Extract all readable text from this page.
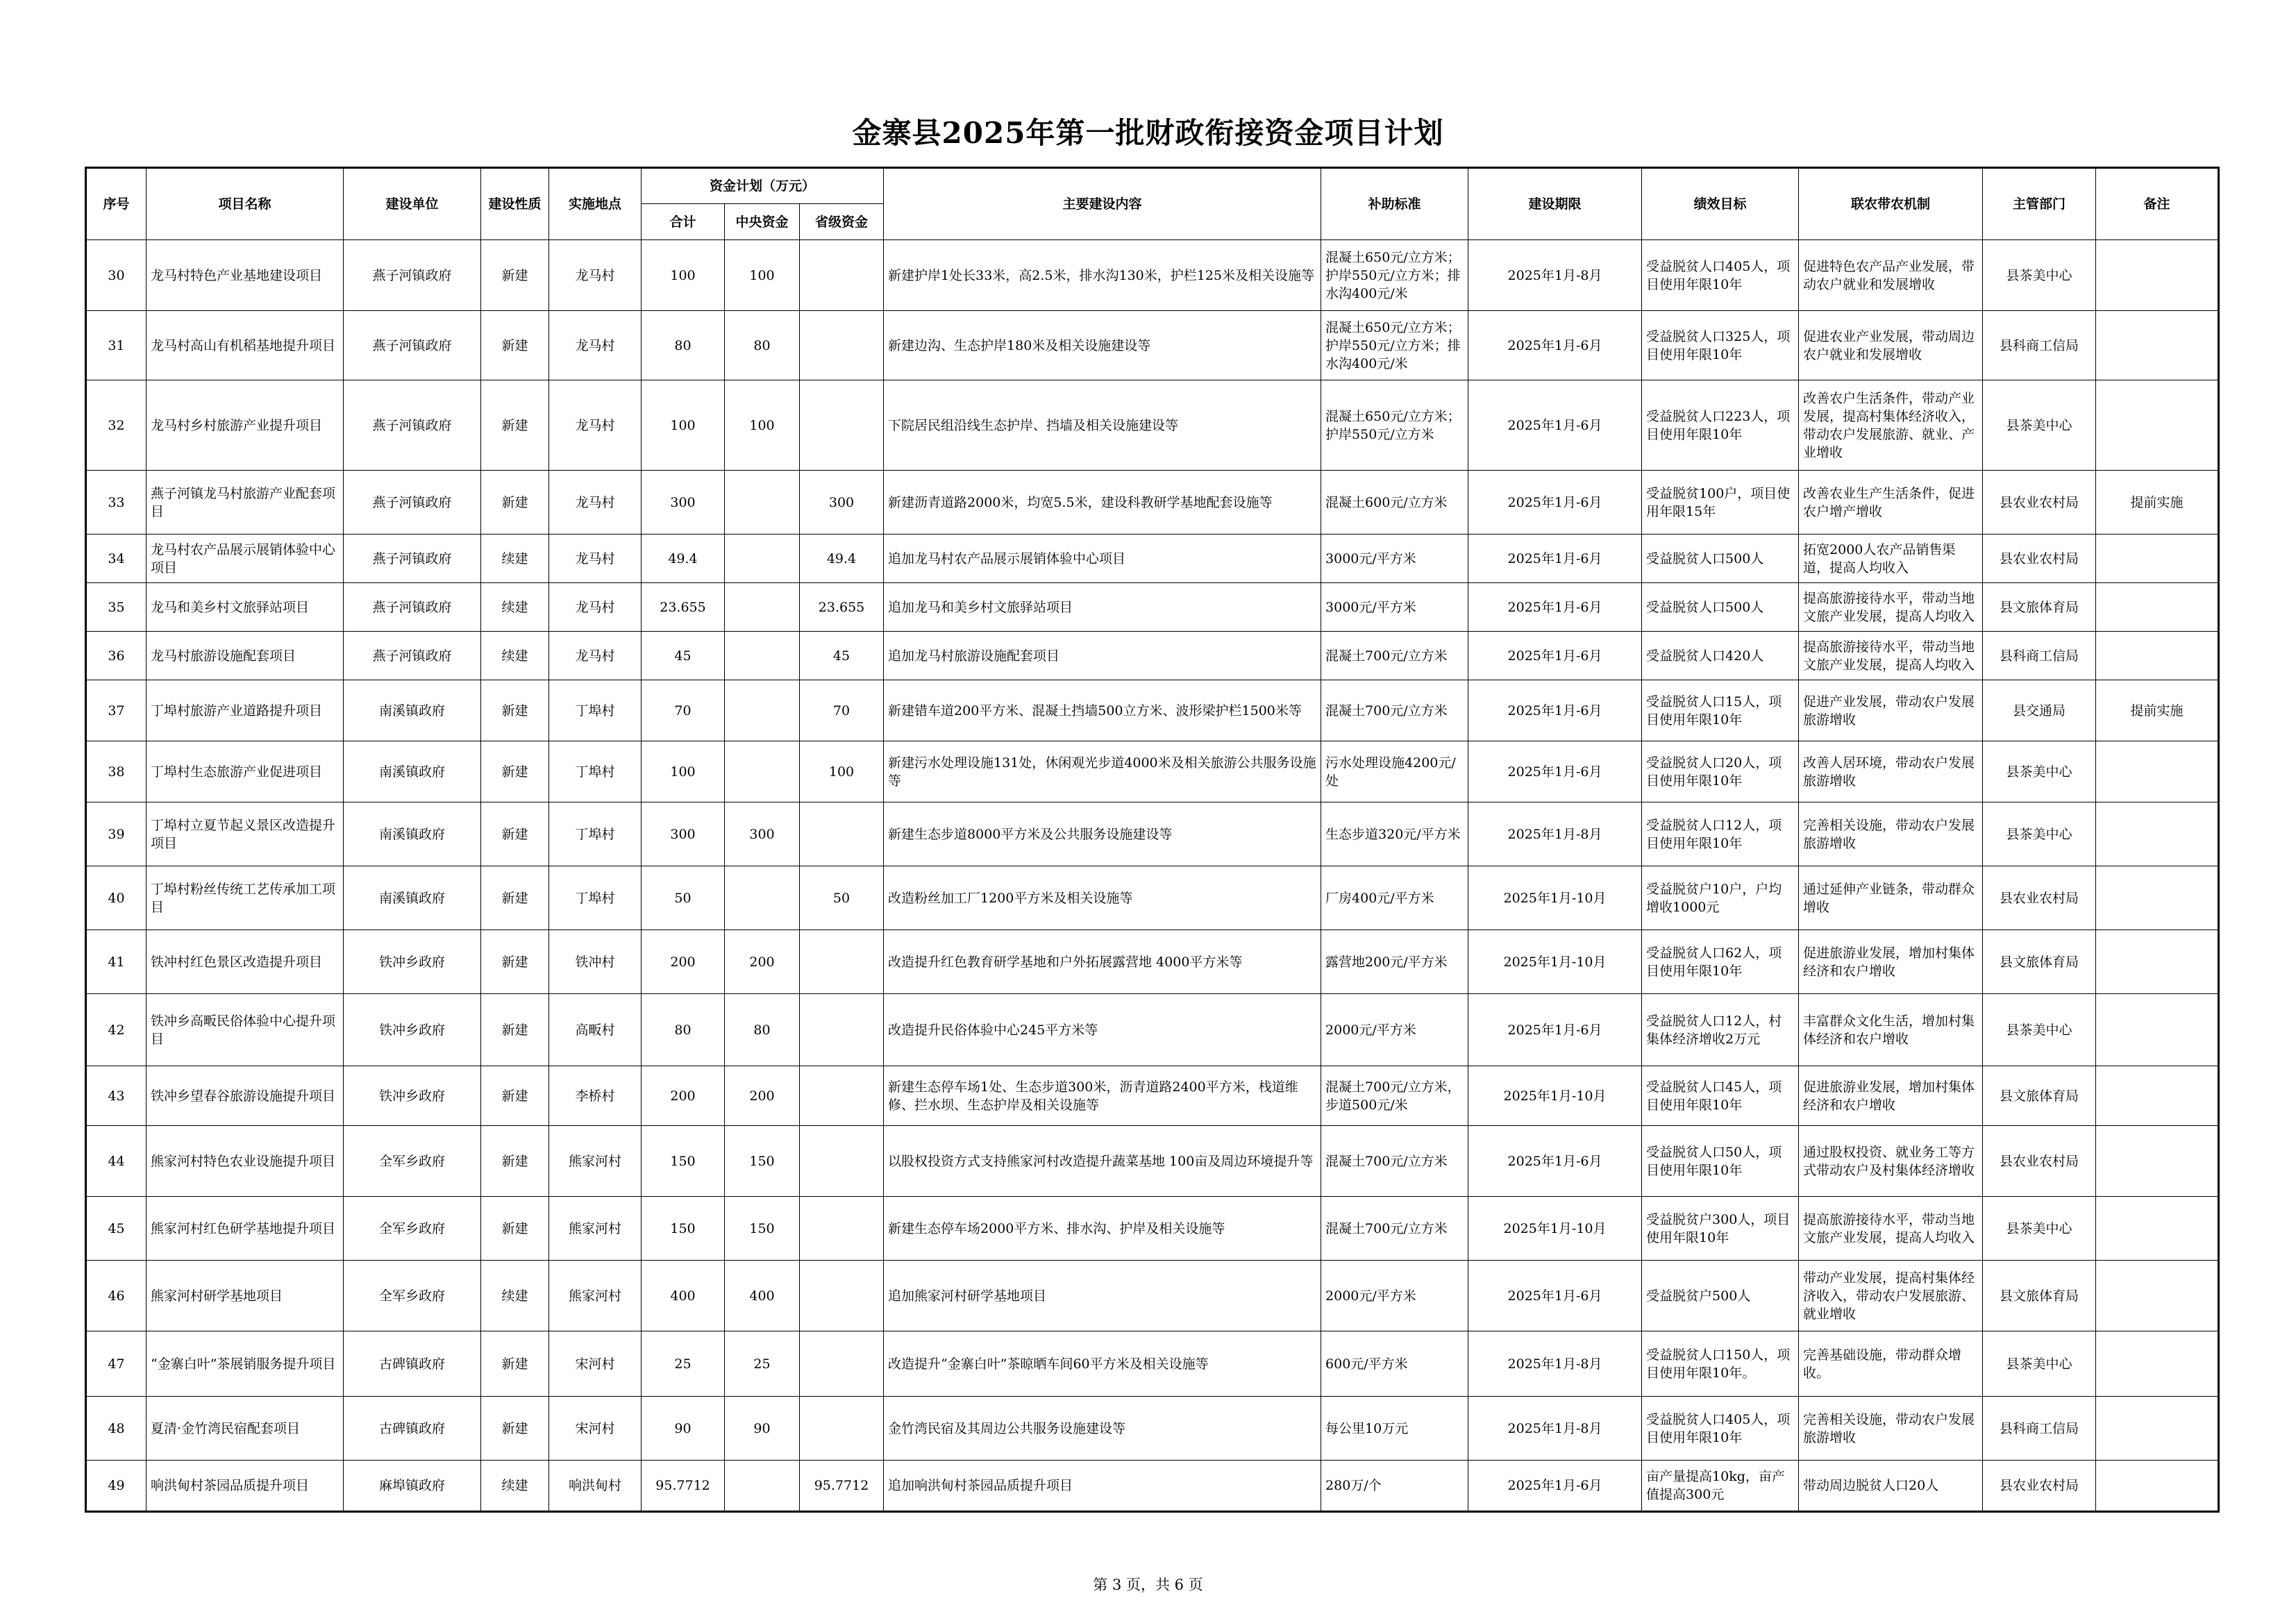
金寨县2025年第一批财政衔接资金项目计划
序号	项目名称	建设单位	建设性质	实施地点	资金计划（万元）			主要建设内容	补助标准	建设期限	绩效目标	联农带农机制	主管部门	备注
					合计	中央资金	省级资金							
30	龙马村特色产业基地建设项目	燕子河镇政府	新建	龙马村	100	100		新建护岸1处长33米，高2.5米，排水沟130米，护栏125米及相关设施等	混凝土650元/立方米；护岸550元/立方米；排水沟400元/米	2025年1月-8月	受益脱贫人口405人，项目使用年限10年	促进特色农产品产业发展，带动农户就业和发展增收	县茶美中心	
31	龙马村高山有机稻基地提升项目	燕子河镇政府	新建	龙马村	80	80		新建边沟、生态护岸180米及相关设施建设等	混凝土650元/立方米；护岸550元/立方米；排水沟400元/米	2025年1月-6月	受益脱贫人口325人，项目使用年限10年	促进农业产业发展，带动周边农户就业和发展增收	县科商工信局	
32	龙马村乡村旅游产业提升项目	燕子河镇政府	新建	龙马村	100	100		下院居民组沿线生态护岸、挡墙及相关设施建设等	混凝土650元/立方米；护岸550元/立方米	2025年1月-6月	受益脱贫人口223人，项目使用年限10年	改善农户生活条件，带动产业发展，提高村集体经济收入，带动农户发展旅游、就业、产业增收	县茶美中心	
33	燕子河镇龙马村旅游产业配套项目	燕子河镇政府	新建	龙马村	300		300	新建沥青道路2000米，均宽5.5米，建设科教研学基地配套设施等	混凝土600元/立方米	2025年1月-6月	受益脱贫100户，项目使用年限15年	改善农业生产生活条件，促进农户增产增收	县农业农村局	提前实施
34	龙马村农产品展示展销体验中心项目	燕子河镇政府	续建	龙马村	49.4		49.4	追加龙马村农产品展示展销体验中心项目	3000元/平方米	2025年1月-6月	受益脱贫人口500人	拓宽2000人农产品销售渠道，提高人均收入	县农业农村局	
35	龙马和美乡村文旅驿站项目	燕子河镇政府	续建	龙马村	23.655		23.655	追加龙马和美乡村文旅驿站项目	3000元/平方米	2025年1月-6月	受益脱贫人口500人	提高旅游接待水平，带动当地文旅产业发展，提高人均收入	县文旅体育局	
36	龙马村旅游设施配套项目	燕子河镇政府	续建	龙马村	45		45	追加龙马村旅游设施配套项目	混凝土700元/立方米	2025年1月-6月	受益脱贫人口420人	提高旅游接待水平，带动当地文旅产业发展，提高人均收入	县科商工信局	
37	丁埠村旅游产业道路提升项目	南溪镇政府	新建	丁埠村	70		70	新建错车道200平方米、混凝土挡墙500立方米、波形梁护栏1500米等	混凝土700元/立方米	2025年1月-6月	受益脱贫人口15人，项目使用年限10年	促进产业发展，带动农户发展旅游增收	县交通局	提前实施
38	丁埠村生态旅游产业促进项目	南溪镇政府	新建	丁埠村	100		100	新建污水处理设施131处，休闲观光步道4000米及相关旅游公共服务设施等	污水处理设施4200元/处	2025年1月-6月	受益脱贫人口20人，项目使用年限10年	改善人居环境，带动农户发展旅游增收	县茶美中心	
39	丁埠村立夏节起义景区改造提升项目	南溪镇政府	新建	丁埠村	300	300		新建生态步道8000平方米及公共服务设施建设等	生态步道320元/平方米	2025年1月-8月	受益脱贫人口12人，项目使用年限10年	完善相关设施，带动农户发展旅游增收	县茶美中心	
40	丁埠村粉丝传统工艺传承加工项目	南溪镇政府	新建	丁埠村	50		50	改造粉丝加工厂1200平方米及相关设施等	厂房400元/平方米	2025年1月-10月	受益脱贫户10户，户均增收1000元	通过延伸产业链条，带动群众增收	县农业农村局	
41	铁冲村红色景区改造提升项目	铁冲乡政府	新建	铁冲村	200	200		改造提升红色教育研学基地和户外拓展露营地 4000平方米等	露营地200元/平方米	2025年1月-10月	受益脱贫人口62人，项目使用年限10年	促进旅游业发展，增加村集体经济和农户增收	县文旅体育局	
42	铁冲乡高畈民俗体验中心提升项目	铁冲乡政府	新建	高畈村	80	80		改造提升民俗体验中心245平方米等	2000元/平方米	2025年1月-6月	受益脱贫人口12人，村集体经济增收2万元	丰富群众文化生活，增加村集体经济和农户增收	县茶美中心	
43	铁冲乡望春谷旅游设施提升项目	铁冲乡政府	新建	李桥村	200	200		新建生态停车场1处、生态步道300米，沥青道路2400平方米，栈道维修、拦水坝、生态护岸及相关设施等	混凝土700元/立方米，步道500元/米	2025年1月-10月	受益脱贫人口45人，项目使用年限10年	促进旅游业发展，增加村集体经济和农户增收	县文旅体育局	
44	熊家河村特色农业设施提升项目	全军乡政府	新建	熊家河村	150	150		以股权投资方式支持熊家河村改造提升蔬菜基地 100亩及周边环境提升等	混凝土700元/立方米	2025年1月-6月	受益脱贫人口50人，项目使用年限10年	通过股权投资、就业务工等方式带动农户及村集体经济增收	县农业农村局	
45	熊家河村红色研学基地提升项目	全军乡政府	新建	熊家河村	150	150		新建生态停车场2000平方米、排水沟、护岸及相关设施等	混凝土700元/立方米	2025年1月-10月	受益脱贫户300人，项目使用年限10年	提高旅游接待水平，带动当地文旅产业发展，提高人均收入	县茶美中心	
46	熊家河村研学基地项目	全军乡政府	续建	熊家河村	400	400		追加熊家河村研学基地项目	2000元/平方米	2025年1月-6月	受益脱贫户500人	带动产业发展，提高村集体经济收入，带动农户发展旅游、就业增收	县文旅体育局	
47	“金寨白叶”茶展销服务提升项目	古碑镇政府	新建	宋河村	25	25		改造提升“金寨白叶”茶晾晒车间60平方米及相关设施等	600元/平方米	2025年1月-8月	受益脱贫人口150人，项目使用年限10年。	完善基础设施，带动群众增收。	县茶美中心	
48	夏清·金竹湾民宿配套项目	古碑镇政府	新建	宋河村	90	90		金竹湾民宿及其周边公共服务设施建设等	每公里10万元	2025年1月-8月	受益脱贫人口405人，项目使用年限10年	完善相关设施，带动农户发展旅游增收	县科商工信局	
49	响洪甸村茶园品质提升项目	麻埠镇政府	续建	响洪甸村	95.7712		95.7712	追加响洪甸村茶园品质提升项目	280万/个	2025年1月-6月	亩产量提高10kg，亩产值提高300元	带动周边脱贫人口20人	县农业农村局	
第 3 页，共 6 页
